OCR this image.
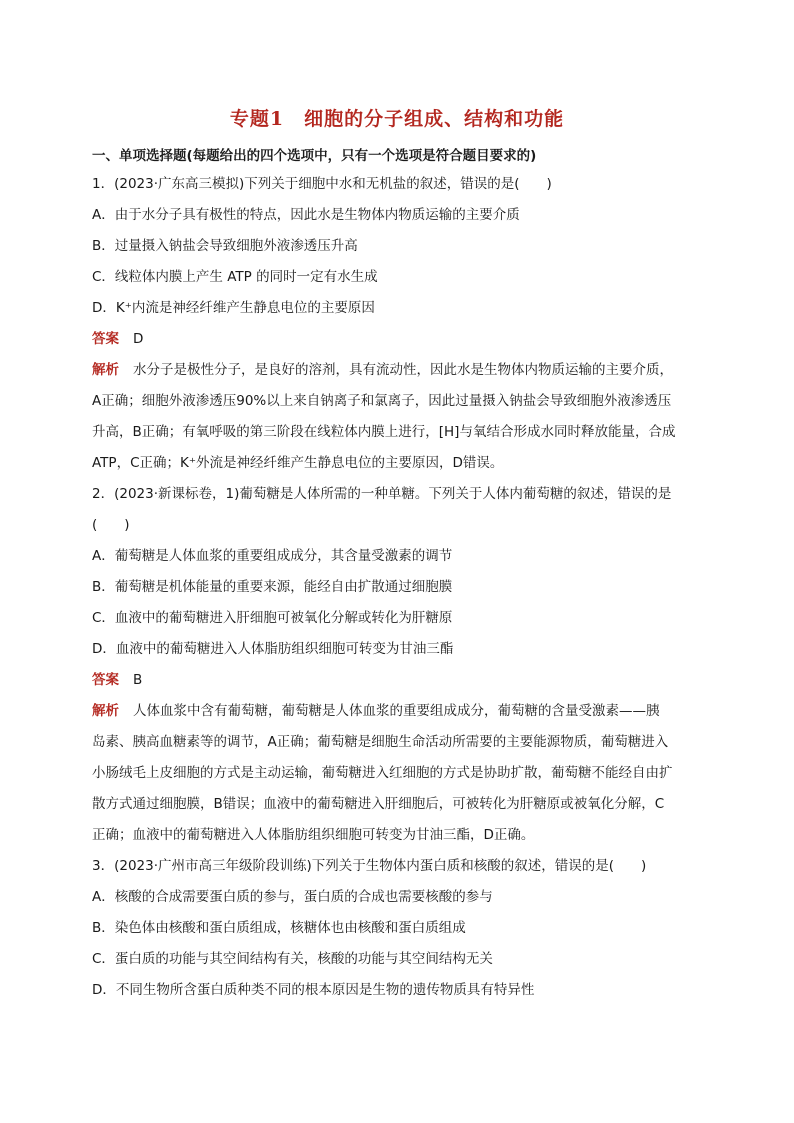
专题1　细胞的分子组成、结构和功能
一、单项选择题(每题给出的四个选项中，只有一个选项是符合题目要求的)
1．(2023·广东高三模拟)下列关于细胞中水和无机盐的叙述，错误的是(　　)
A．由于水分子具有极性的特点，因此水是生物体内物质运输的主要介质
B．过量摄入钠盐会导致细胞外液渗透压升高
C．线粒体内膜上产生 ATP 的同时一定有水生成
D．K⁺内流是神经纤维产生静息电位的主要原因
答案 D
解析 水分子是极性分子，是良好的溶剂，具有流动性，因此水是生物体内物质运输的主要介质，
A正确；细胞外液渗透压90%以上来自钠离子和氯离子，因此过量摄入钠盐会导致细胞外液渗透压
升高，B正确；有氧呼吸的第三阶段在线粒体内膜上进行，[H]与氧结合形成水同时释放能量，合成
ATP，C正确；K⁺外流是神经纤维产生静息电位的主要原因，D错误。
2．(2023·新课标卷，1)葡萄糖是人体所需的一种单糖。下列关于人体内葡萄糖的叙述，错误的是
(　　)
A．葡萄糖是人体血浆的重要组成成分，其含量受激素的调节
B．葡萄糖是机体能量的重要来源，能经自由扩散通过细胞膜
C．血液中的葡萄糖进入肝细胞可被氧化分解或转化为肝糖原
D．血液中的葡萄糖进入人体脂肪组织细胞可转变为甘油三酯
答案 B
解析 人体血浆中含有葡萄糖，葡萄糖是人体血浆的重要组成成分，葡萄糖的含量受激素——胰
岛素、胰高血糖素等的调节，A正确；葡萄糖是细胞生命活动所需要的主要能源物质，葡萄糖进入
小肠绒毛上皮细胞的方式是主动运输，葡萄糖进入红细胞的方式是协助扩散，葡萄糖不能经自由扩
散方式通过细胞膜，B错误；血液中的葡萄糖进入肝细胞后，可被转化为肝糖原或被氧化分解，C
正确；血液中的葡萄糖进入人体脂肪组织细胞可转变为甘油三酯，D正确。
3．(2023·广州市高三年级阶段训练)下列关于生物体内蛋白质和核酸的叙述，错误的是(　　)
A．核酸的合成需要蛋白质的参与，蛋白质的合成也需要核酸的参与
B．染色体由核酸和蛋白质组成，核糖体也由核酸和蛋白质组成
C．蛋白质的功能与其空间结构有关，核酸的功能与其空间结构无关
D．不同生物所含蛋白质种类不同的根本原因是生物的遗传物质具有特异性
